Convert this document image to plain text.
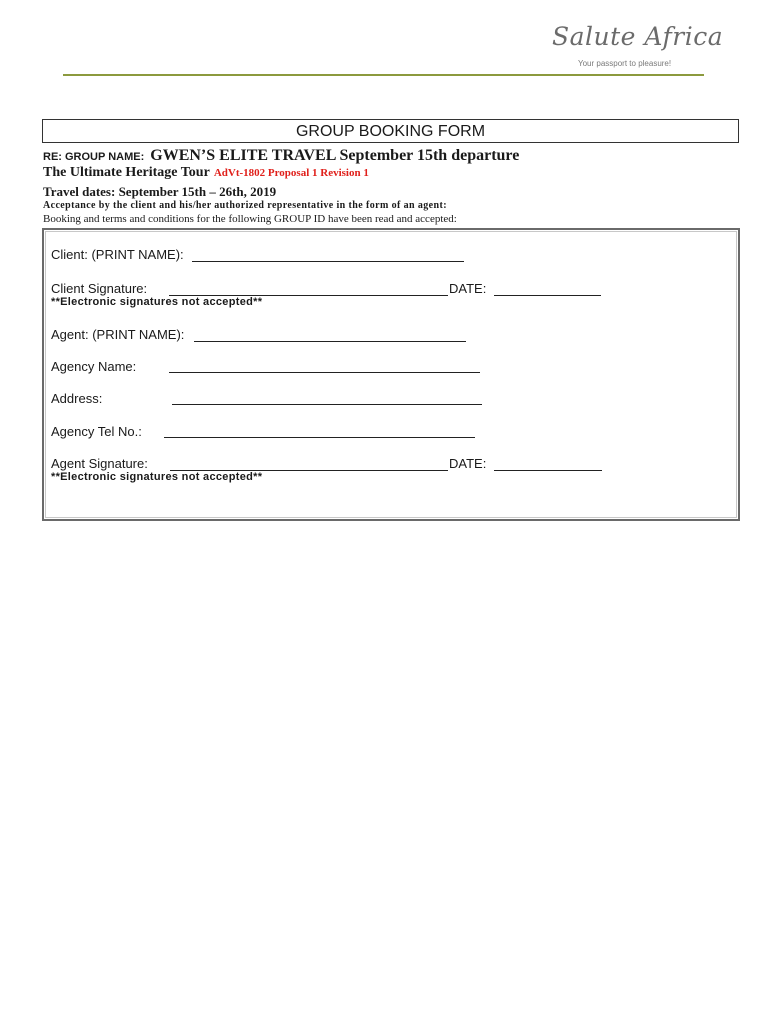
Salute Africa
Your passport to pleasure!
GROUP BOOKING FORM
RE: GROUP NAME: GWEN’S ELITE TRAVEL September 15th departure
The Ultimate Heritage Tour AdVt-1802 Proposal 1 Revision 1
Travel dates: September 15th – 26th, 2019
Acceptance by the client and his/her authorized representative in the form of an agent:
Booking and terms and conditions for the following GROUP ID have been read and accepted:
Client: (PRINT NAME):
Client Signature:	DATE:
**Electronic signatures not accepted**
Agent: (PRINT NAME):
Agency Name:
Address:
Agency Tel No.:
Agent Signature:	DATE:
**Electronic signatures not accepted**
